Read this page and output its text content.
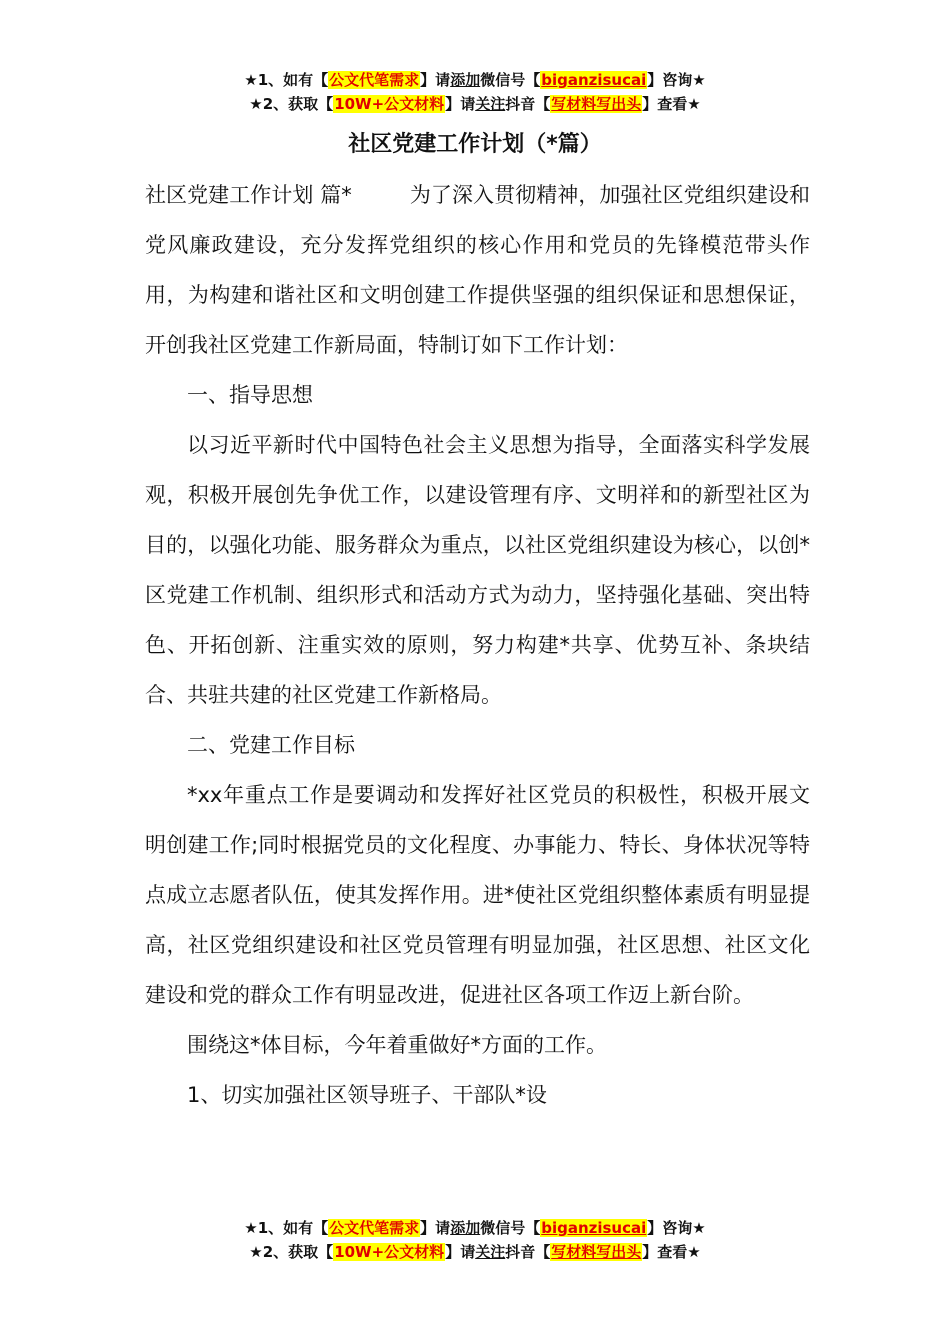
★1、如有【公文代笔需求】请添加微信号【biganzisucai】咨询★
★2、获取【10W+公文材料】请关注抖音【写材料写出头】查看★
社区党建工作计划（*篇）

社区党建工作计划 篇*	为了深入贯彻精神，加强社区党组织建设和党风廉政建设，充分发挥党组织的核心作用和党员的先锋模范带头作用，为构建和谐社区和文明创建工作提供坚强的组织保证和思想保证，开创我社区党建工作新局面，特制订如下工作计划：

一、指导思想

以习近平新时代中国特色社会主义思想为指导，全面落实科学发展观，积极开展创先争优工作，以建设管理有序、文明祥和的新型社区为目的，以强化功能、服务群众为重点，以社区党组织建设为核心，以创*区党建工作机制、组织形式和活动方式为动力，坚持强化基础、突出特色、开拓创新、注重实效的原则，努力构建*共享、优势互补、条块结合、共驻共建的社区党建工作新格局。

二、党建工作目标

*xx年重点工作是要调动和发挥好社区党员的积极性，积极开展文明创建工作;同时根据党员的文化程度、办事能力、特长、身体状况等特点成立志愿者队伍，使其发挥作用。进*使社区党组织整体素质有明显提高，社区党组织建设和社区党员管理有明显加强，社区思想、社区文化建设和党的群众工作有明显改进，促进社区各项工作迈上新台阶。

围绕这*体目标，今年着重做好*方面的工作。

1、切实加强社区领导班子、干部队*设

★1、如有【公文代笔需求】请添加微信号【biganzisucai】咨询★
★2、获取【10W+公文材料】请关注抖音【写材料写出头】查看★
